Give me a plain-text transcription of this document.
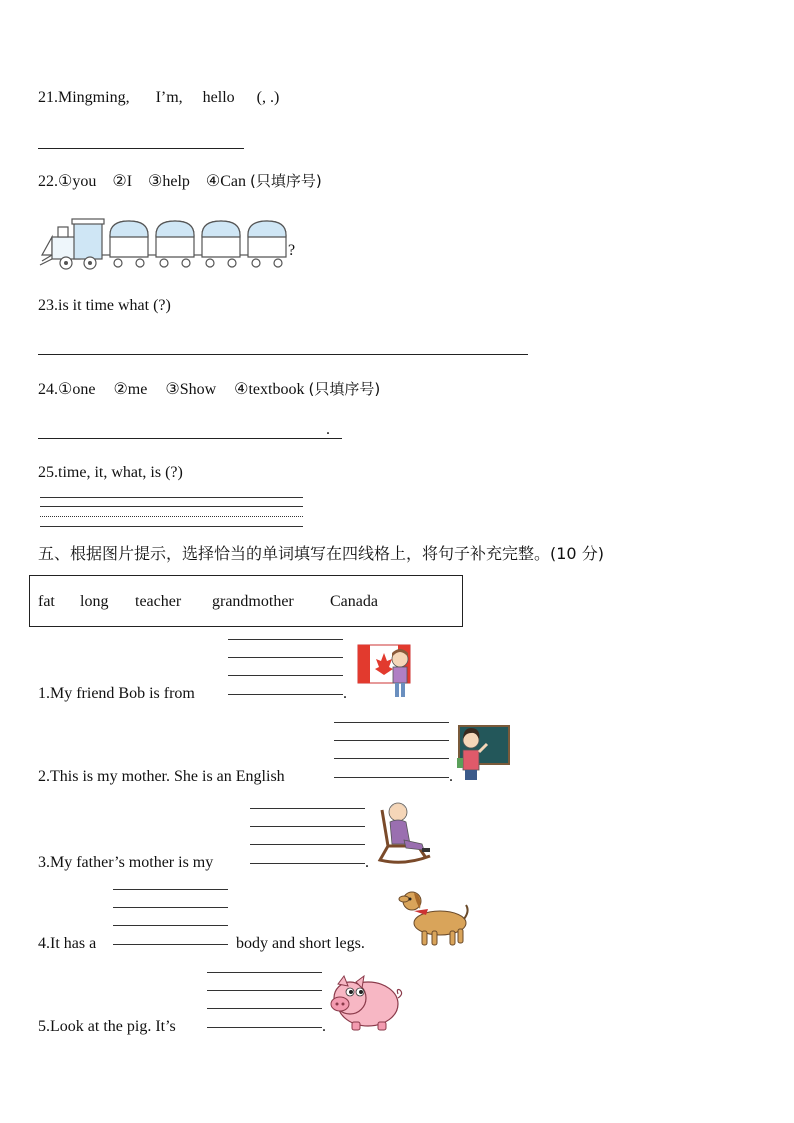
21.Mingming, I’m, hello (, .)
22.①you ②I ③help ④Can (只填序号)
?
23.is it time what (?)
24.①one ②me ③Show ④textbook (只填序号)
.
25.time, it, what, is (?)
五、根据图片提示，选择恰当的单词填写在四线格上，将句子补充完整。(10 分)
fat long teacher grandmother Canada
1.My friend Bob is from	.
2.This is my mother. She is an English	.
3.My father’s mother is my	.
4.It has a	body and short legs.
5.Look at the pig. It’s	.
